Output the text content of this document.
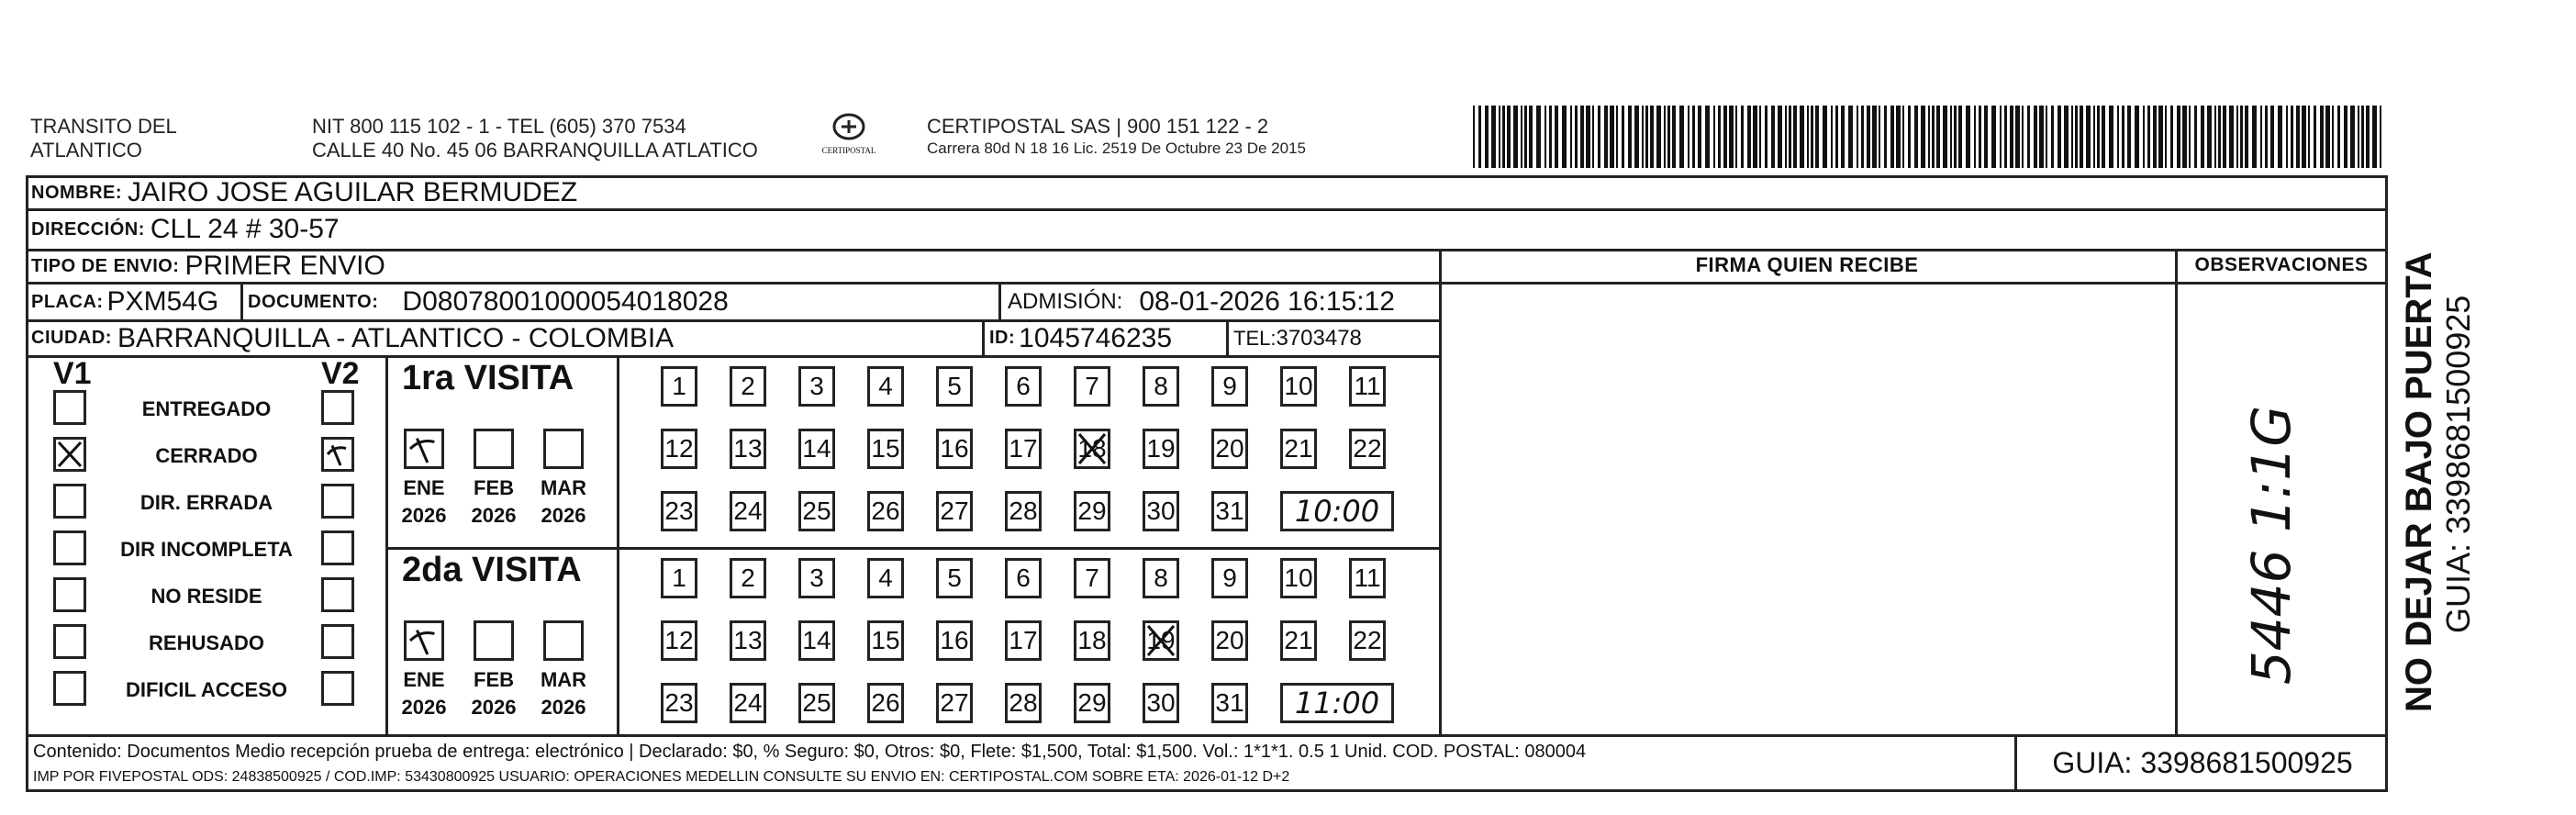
TRANSITO DEL
ATLANTICO
NIT 800 115 102 - 1 - TEL (605) 370 7534
CALLE 40 No. 45 06 BARRANQUILLA ATLATICO	CERTIPOSTAL
CERTIPOSTAL SAS | 900 151 122 - 2
Carrera 80d N 18 16 Lic. 2519 De Octubre 23 De 2015
NOMBRE: JAIRO JOSE AGUILAR BERMUDEZ
DIRECCIÓN: CLL 24 # 30-57
TIPO DE ENVIO: PRIMER ENVIO	FIRMA QUIEN RECIBE	OBSERVACIONES
PLACA: PXM54G DOCUMENTO: D08078001000054018028	ADMISIÓN: 08-01-2026 16:15:12
CIUDAD: BARRANQUILLA - ATLANTICO - COLOMBIA	ID: 1045746235	TEL: 3703478
V1	V2
ENTREGADO
CERRADO
DIR. ERRADA
DIR INCOMPLETA
NO RESIDE
REHUSADO
DIFICIL ACCESO
1ra VISITA
ENE
2026
FEB
2026
MAR
2026
1	2	3	4	5	6	7	8	9	10 11
12 13 14 15 16 17 18 19 20 21 22
23 24 25 26 27 28 29 30 31	10:00
2da VISITA
ENE
2026
FEB
2026
MAR
2026
1	2	3	4	5	6	7	8	9	10 11
12 13 14 15 16 17 18 19 20 21 22
23 24 25 26 27 28 29 30 31	11:00
5446 1:1G
Contenido: Documentos Medio recepción prueba de entrega: electrónico | Declarado: $0, % Seguro: $0, Otros: $0, Flete: $1,500, Total: $1,500. Vol.: 1*1*1. 0.5 1 Unid. COD. POSTAL: 080004
IMP POR FIVEPOSTAL ODS: 24838500925 / COD.IMP: 53430800925 USUARIO: OPERACIONES MEDELLIN CONSULTE SU ENVIO EN: CERTIPOSTAL.COM SOBRE ETA: 2026-01-12 D+2	GUIA: 3398681500925
NO DEJAR BAJO PUERTA GUIA: 3398681500925
